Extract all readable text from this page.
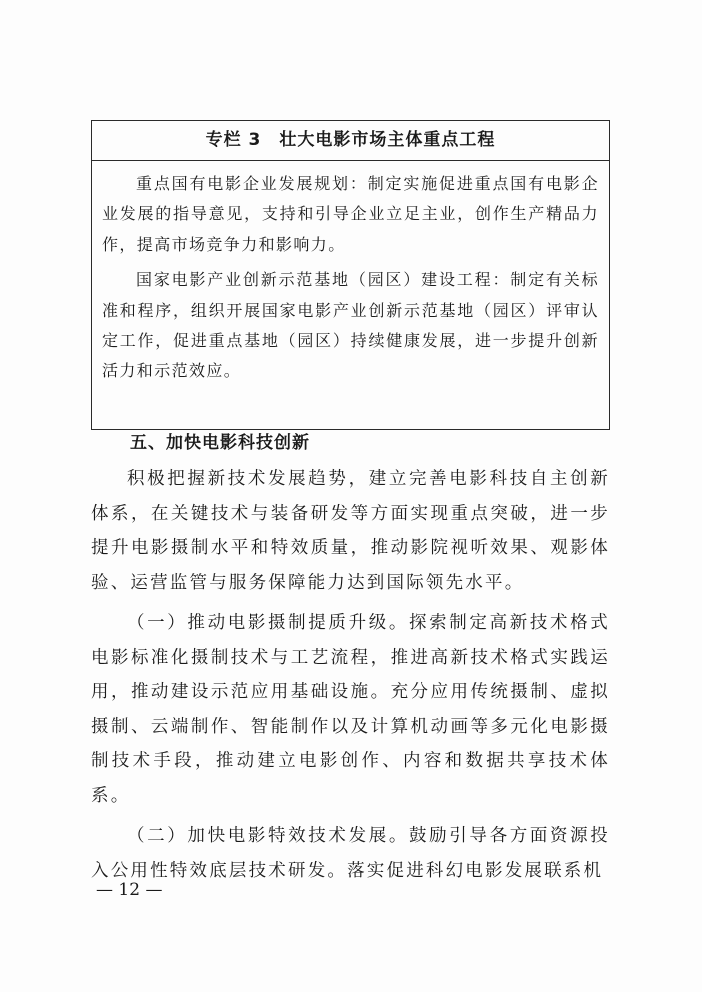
专栏 3　壮大电影市场主体重点工程

重点国有电影企业发展规划：制定实施促进重点国有电影企业发展的指导意见，支持和引导企业立足主业，创作生产精品力作，提高市场竞争力和影响力。

国家电影产业创新示范基地（园区）建设工程：制定有关标准和程序，组织开展国家电影产业创新示范基地（园区）评审认定工作，促进重点基地（园区）持续健康发展，进一步提升创新活力和示范效应。

五、加快电影科技创新

积极把握新技术发展趋势，建立完善电影科技自主创新体系，在关键技术与装备研发等方面实现重点突破，进一步提升电影摄制水平和特效质量，推动影院视听效果、观影体验、运营监管与服务保障能力达到国际领先水平。

（一）推动电影摄制提质升级。探索制定高新技术格式电影标准化摄制技术与工艺流程，推进高新技术格式实践运用，推动建设示范应用基础设施。充分应用传统摄制、虚拟摄制、云端制作、智能制作以及计算机动画等多元化电影摄制技术手段，推动建立电影创作、内容和数据共享技术体系。

（二）加快电影特效技术发展。鼓励引导各方面资源投入公用性特效底层技术研发。落实促进科幻电影发展联系机

— 12 —
